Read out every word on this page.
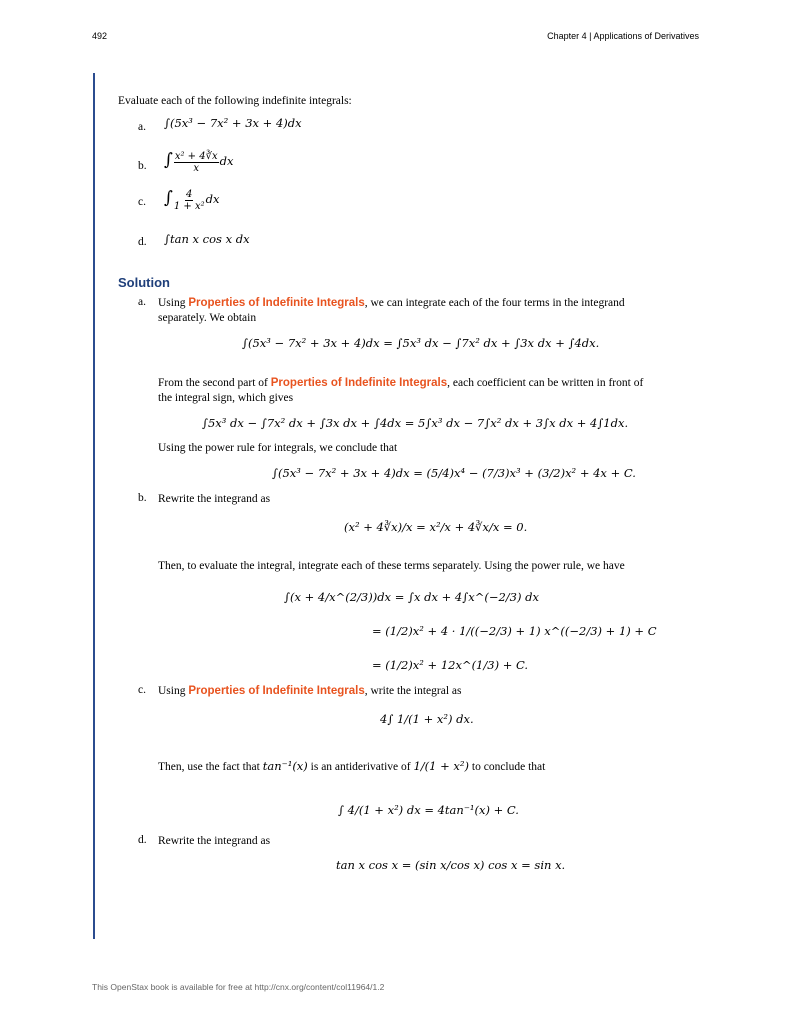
492	Chapter 4 | Applications of Derivatives
Evaluate each of the following indefinite integrals:
a. ∫(5x³ − 7x² + 3x + 4)dx
b. ∫ $\frac{\text{x² + 4∛x}}{x}$ dx
c. ∫ $\frac{4}{\text{1 + x²}}$ dx
d. ∫tan x cos x dx
Solution
a. Using Properties of Indefinite Integrals, we can integrate each of the four terms in the integrand
separately. We obtain
∫(5x³ − 7x² + 3x + 4)dx = ∫5x³ dx − ∫7x² dx + ∫3x dx + ∫4dx.
From the second part of Properties of Indefinite Integrals, each coefficient can be written in front of
the integral sign, which gives
∫5x³ dx − ∫7x² dx + ∫3x dx + ∫4dx = 5∫x³ dx − 7∫x² dx + 3∫x dx + 4∫1dx.
Using the power rule for integrals, we conclude that
∫(5x³ − 7x² + 3x + 4)dx = (5/4)x⁴ − (7/3)x³ + (3/2)x² + 4x + C.
b. Rewrite the integrand as
(x² + 4∛x)/x = x²/x + 4∛x/x = 0.
Then, to evaluate the integral, integrate each of these terms separately. Using the power rule, we have
∫(x + 4/x^(2/3))dx = ∫x dx + 4∫x^(−2/3) dx
= (1/2)x² + 4 · 1/((−2/3) + 1) x^((−2/3) + 1) + C
= (1/2)x² + 12x^(1/3) + C.
c. Using Properties of Indefinite Integrals, write the integral as
4∫ 1/(1 + x²) dx.
Then, use the fact that tan⁻¹(x) is an antiderivative of 1/(1 + x²) to conclude that
∫ 4/(1 + x²) dx = 4tan⁻¹(x) + C.
d. Rewrite the integrand as
tan x cos x = (sin x/cos x) cos x = sin x.
This OpenStax book is available for free at http://cnx.org/content/col11964/1.2
